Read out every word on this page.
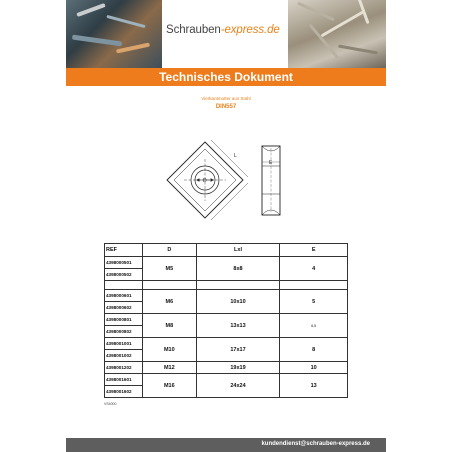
Schrauben-express.de
Technisches Dokument
Vierkantmutter aus Stahl
DIN557
D
L
E
REF	D	Lxl	E
4398000501	M5	8x8	4
4398000502			

4398000601	M6	10x10	5
4398000602			
4398000801	M8	13x13	6,5
4398000802			
4398001001	M10	17x17	8
4398001002			
4398001202	M12	19x19	10
4398001601	M16	24x24	13
4398001602			
VS4000
kundendienst@schrauben-express.de
